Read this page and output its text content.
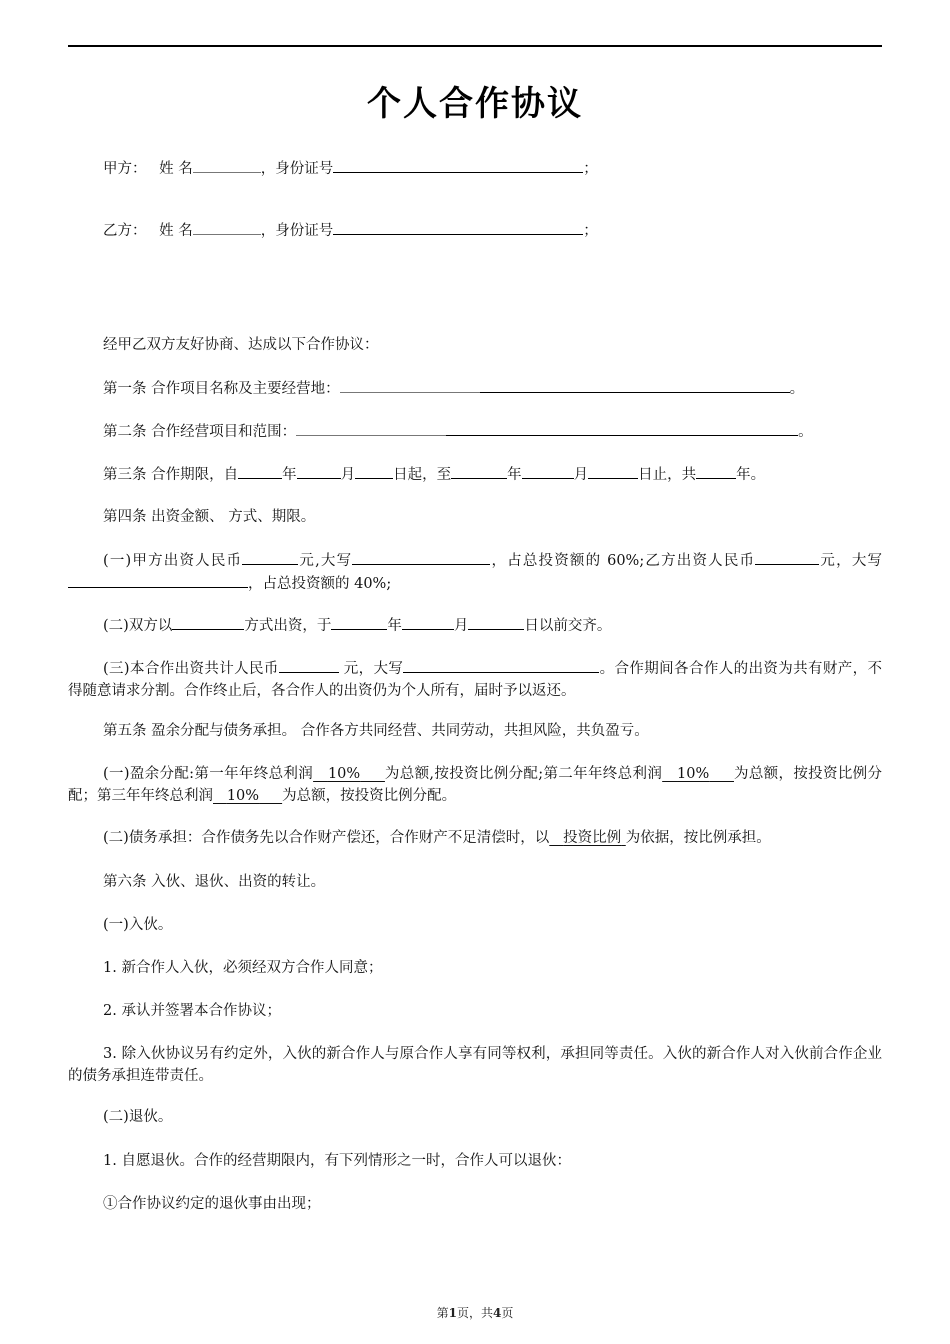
个人合作协议
甲方： 姓 名	，身份证号	；
乙方： 姓 名	，身份证号	；
经甲乙双方友好协商、达成以下合作协议：
第一条 合作项目名称及主要经营地：	。
第二条 合作经营项目和范围：	。
第三条 合作期限，自	年	月	日起，至	年	月	日止，共	年。
第四条 出资金额、 方式、期限。
(一)甲方出资人民币	元,大写	，占总投资额的 60%;乙方出资人民币	元，大写，占总投资额的 40%;
(二)双方以	方式出资，于	年	月	日以前交齐。
(三)本合作出资共计人民币	元，大写	。合作期间各合作人的出资为共有财产，不得随意请求分割。合作终止后，各合作人的出资仍为个人所有，届时予以返还。
第五条 盈余分配与债务承担。 合作各方共同经营、共同劳动，共担风险，共负盈亏。
(一)盈余分配:第一年年终总利润 10% 为总额,按投资比例分配;第二年年终总利润 10% 为总额，按投资比例分配；第三年年终总利润 10% 为总额，按投资比例分配。
(二)债务承担：合作债务先以合作财产偿还，合作财产不足清偿时，以 投资比例 为依据，按比例承担。
第六条 入伙、退伙、出资的转让。
(一)入伙。
1. 新合作人入伙，必须经双方合作人同意；
2. 承认并签署本合作协议；
3. 除入伙协议另有约定外，入伙的新合作人与原合作人享有同等权利，承担同等责任。入伙的新合作人对入伙前合作企业的债务承担连带责任。
(二)退伙。
1. 自愿退伙。合作的经营期限内，有下列情形之一时，合作人可以退伙：
①合作协议约定的退伙事由出现；
第1页，共4页
